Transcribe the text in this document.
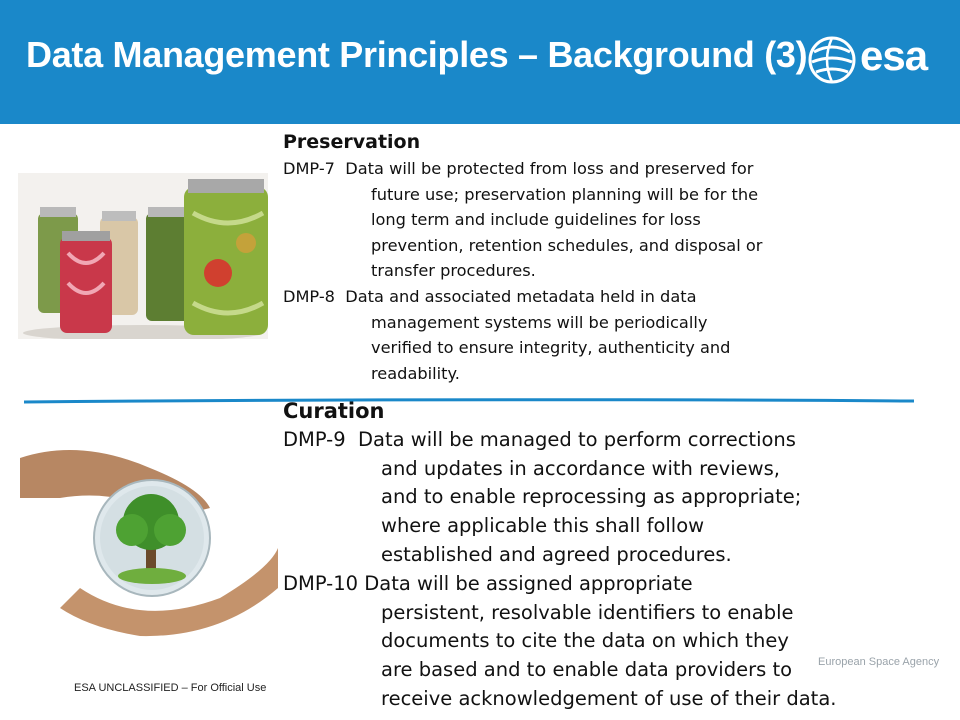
Data Management Principles – Background (3) esa
Preservation
DMP-7 Data will be protected from loss and preserved for
future use; preservation planning will be for the
long term and include guidelines for loss
prevention, retention schedules, and disposal or
transfer procedures.
DMP-8 Data and associated metadata held in data
management systems will be periodically
verified to ensure integrity, authenticity and
readability.
Curation
DMP-9 Data will be managed to perform corrections
and updates in accordance with reviews,
and to enable reprocessing as appropriate;
where applicable this shall follow
established and agreed procedures.
DMP-10 Data will be assigned appropriate
persistent, resolvable identifiers to enable
documents to cite the data on which they
are based and to enable data providers to
receive acknowledgement of use of their data.
European Space Agency
ESA UNCLASSIFIED – For Official Use
